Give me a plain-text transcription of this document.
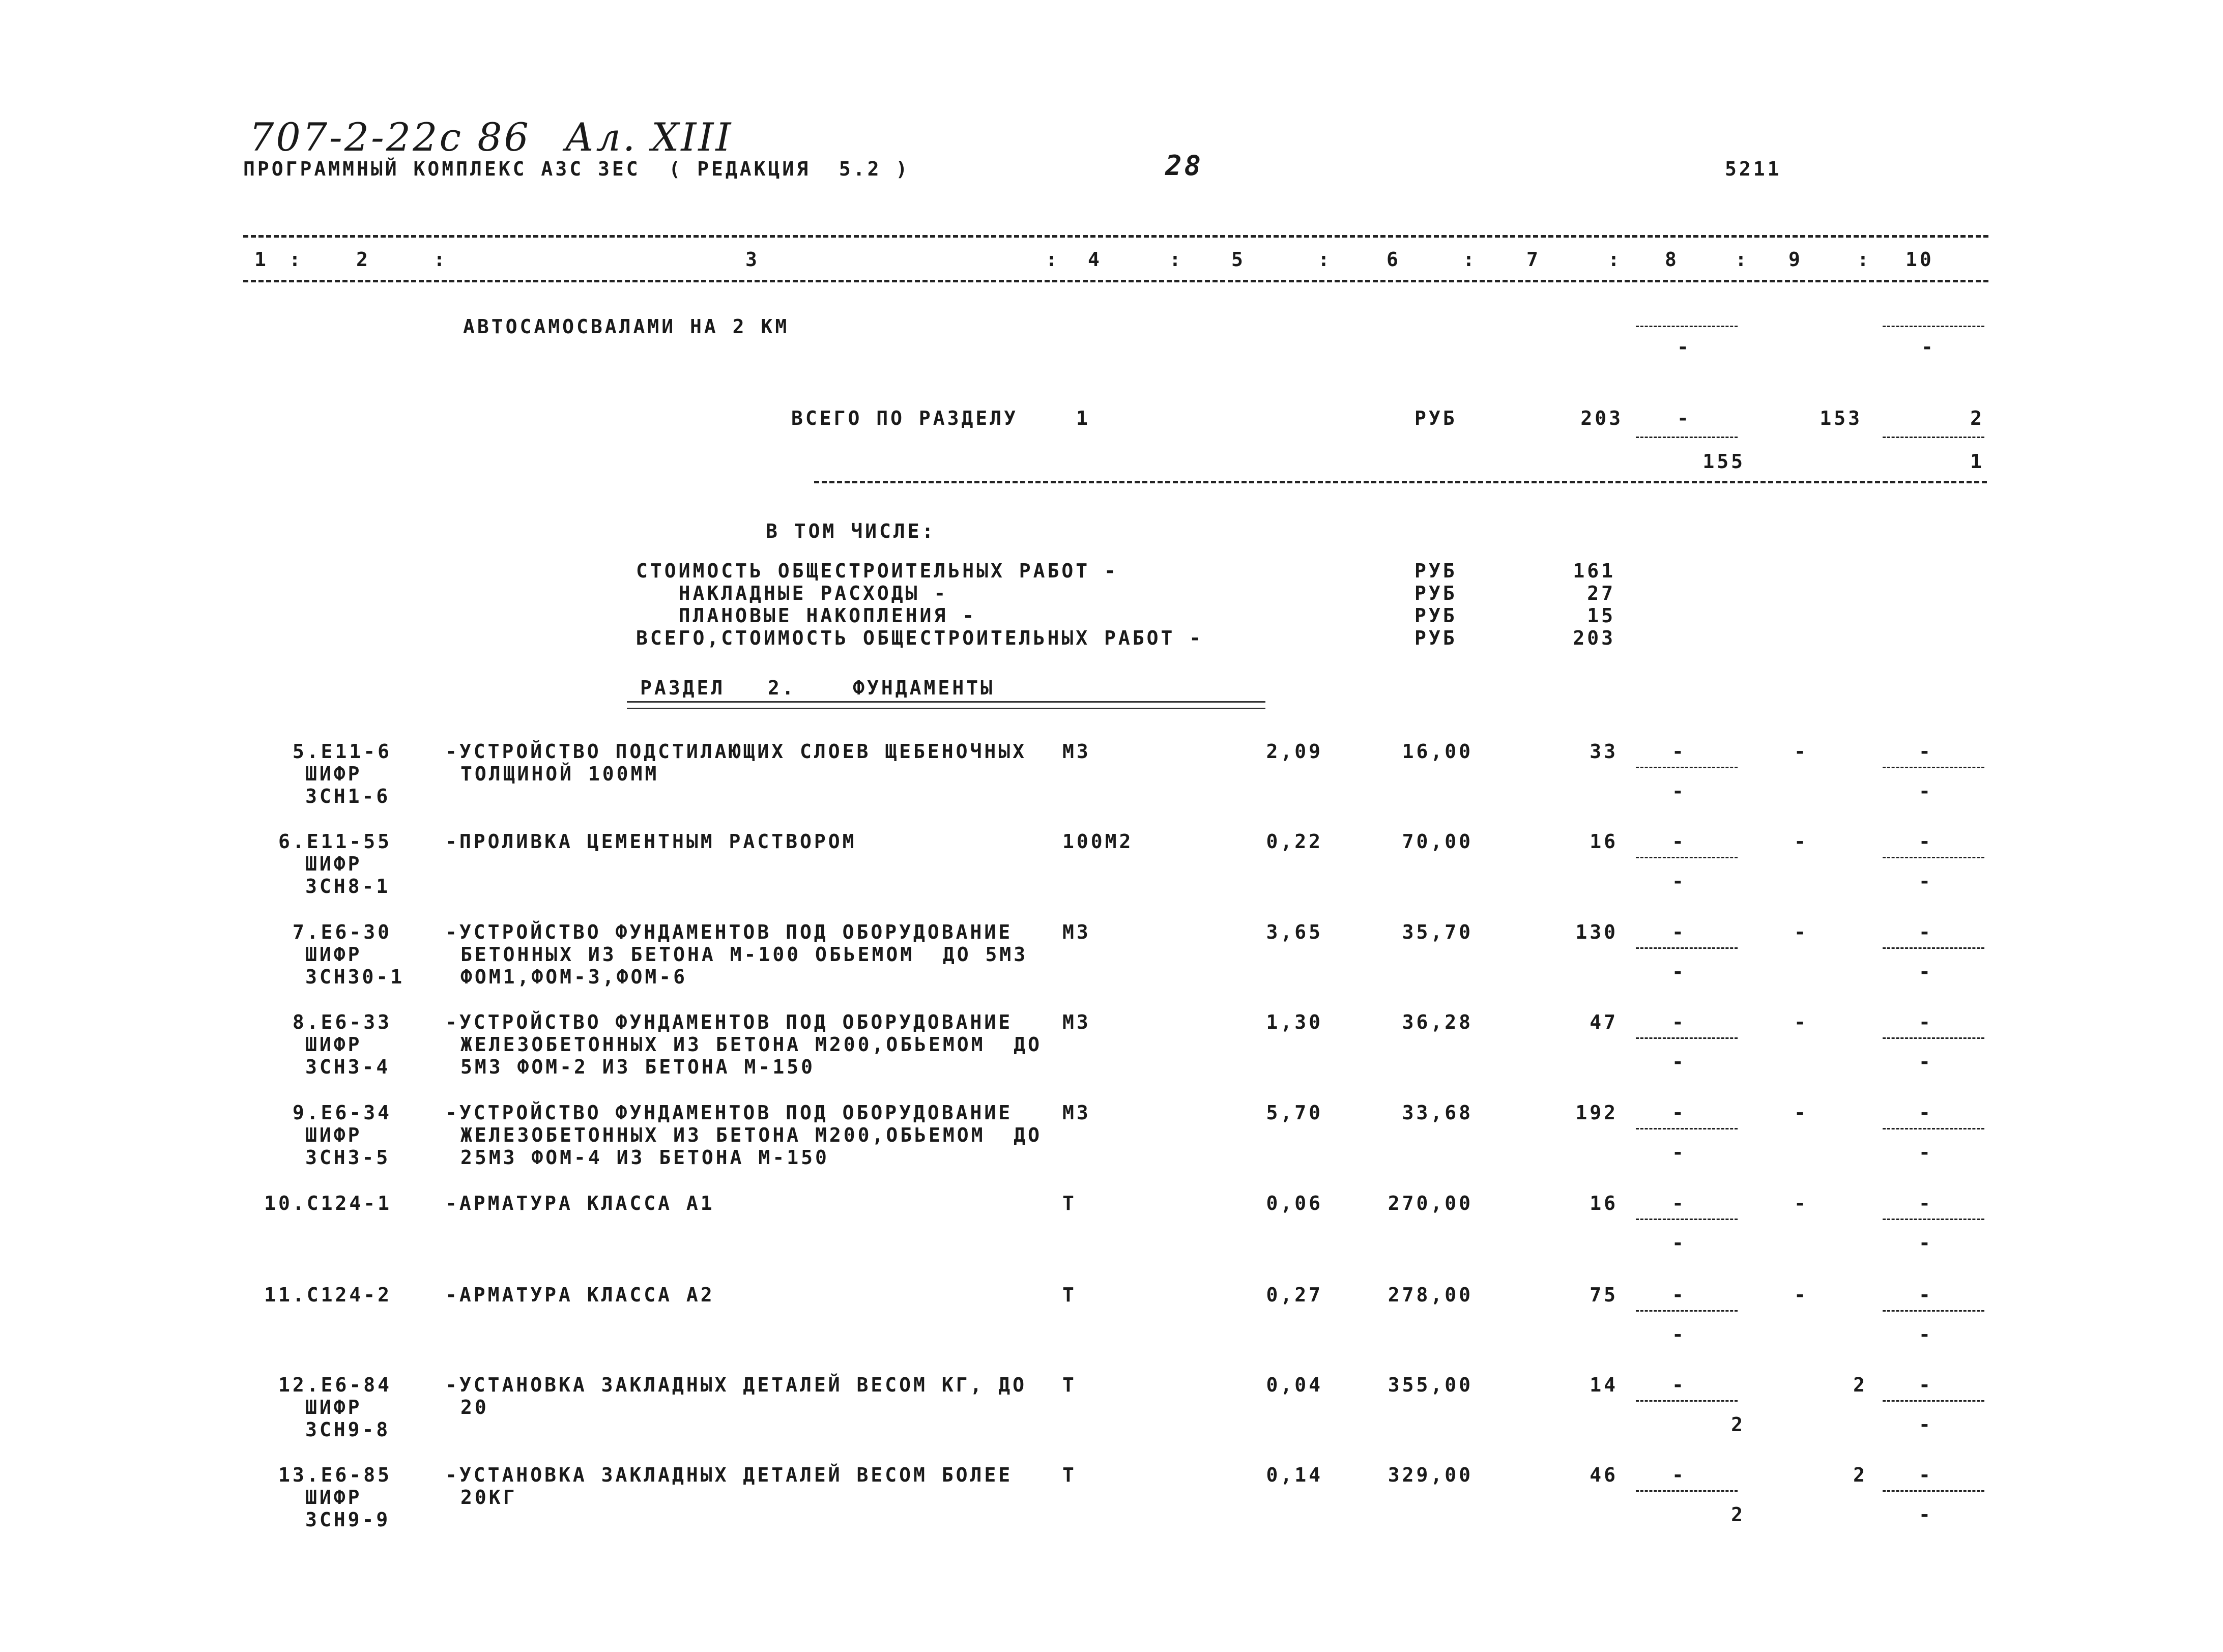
707-2-22с 86 Ал. XIII
ПРОГРАММНЫЙ КОМПЛЕКС АЗС ЗЕС  ( РЕДАКЦИЯ  5.2 )	28	5211
1 :	2	:	3	: 4	: 5	:	6	:	7	: 8	: 9	: 10
АВТОСАМОСВАЛАМИ НА 2 КМ
-	-
ВСЕГО ПО РАЗДЕЛУ	1	РУБ	203	-	153	2
155	1
В ТОМ ЧИСЛЕ:
СТОИМОСТЬ ОБЩЕСТРОИТЕЛЬНЫХ РАБОТ -	РУБ	161
НАКЛАДНЫЕ РАСХОДЫ -	РУБ	27
ПЛАНОВЫЕ НАКОПЛЕНИЯ -	РУБ	15
ВСЕГО,СТОИМОСТЬ ОБЩЕСТРОИТЕЛЬНЫХ РАБОТ -	РУБ	203
РАЗДЕЛ   2.    ФУНДАМЕНТЫ
5.Е11-6
ШИФР
ЗСН1-6
-УСТРОЙСТВО ПОДСТИЛАЮЩИХ СЛОЕВ ЩЕБЕНОЧНЫХ
ТОЛЩИНОЙ 100ММ
М3	2,09	16,00	33	-	-	-
-	-
6.Е11-55
ШИФР
ЗСН8-1
-ПРОЛИВКА ЦЕМЕНТНЫМ РАСТВОРОМ	100М2	0,22	70,00	16	-	-	-
-	-
7.Е6-30
ШИФР
ЗСН30-1
-УСТРОЙСТВО ФУНДАМЕНТОВ ПОД ОБОРУДОВАНИЕ
БЕТОННЫХ ИЗ БЕТОНА М-100 ОБЬЕМОМ  ДО 5М3
ФОМ1,ФОМ-3,ФОМ-6
М3	3,65	35,70	130	-	-	-
-	-
8.Е6-33
ШИФР
ЗСН3-4
-УСТРОЙСТВО ФУНДАМЕНТОВ ПОД ОБОРУДОВАНИЕ
ЖЕЛЕЗОБЕТОННЫХ ИЗ БЕТОНА М200,ОБЬЕМОМ  ДО
5М3 ФОМ-2 ИЗ БЕТОНА М-150
М3	1,30	36,28	47	-	-	-
-	-
9.Е6-34
ШИФР
ЗСН3-5
-УСТРОЙСТВО ФУНДАМЕНТОВ ПОД ОБОРУДОВАНИЕ
ЖЕЛЕЗОБЕТОННЫХ ИЗ БЕТОНА М200,ОБЬЕМОМ  ДО
25М3 ФОМ-4 ИЗ БЕТОНА М-150
М3	5,70	33,68	192	-	-	-
-	-
10.С124-1	-АРМАТУРА КЛАССА А1	Т	0,06	270,00	16	-	-	-
-	-
11.С124-2	-АРМАТУРА КЛАССА А2	Т	0,27	278,00	75	-	-	-
-	-
12.Е6-84
ШИФР
ЗСН9-8
-УСТАНОВКА ЗАКЛАДНЫХ ДЕТАЛЕЙ ВЕСОМ КГ, ДО
20
Т	0,04	355,00	14	-	2	-
2	-
13.Е6-85
ШИФР
ЗСН9-9
-УСТАНОВКА ЗАКЛАДНЫХ ДЕТАЛЕЙ ВЕСОМ БОЛЕЕ
20КГ
Т	0,14	329,00	46	-	2	-
2	-
